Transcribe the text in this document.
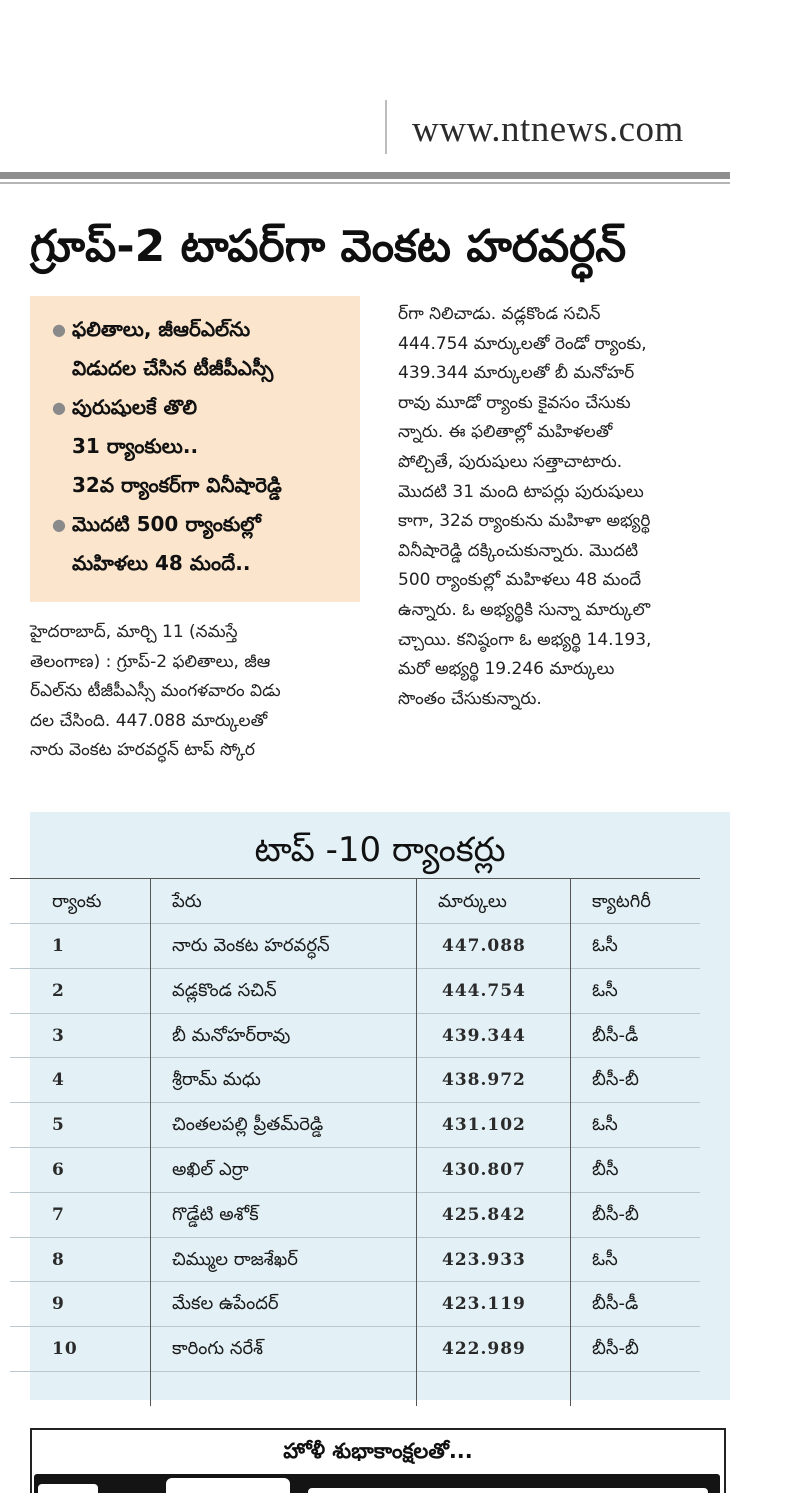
www.ntnews.com
గ్రూప్‌-2 టాపర్‌గా వెంకట హరవర్ధన్‌
● ఫలితాలు, జీఆర్‌ఎల్‌ను
విడుదల చేసిన టీజీపీఎస్సీ
● పురుషులకే తొలి
31 ర్యాంకులు..
32వ ర్యాంకర్‌గా వినీషారెడ్డి
● మొదటి 500 ర్యాంకుల్లో
మహిళలు 48 మందే..

హైదరాబాద్‌, మార్చి 11 (నమస్తే
తెలంగాణ) : గ్రూప్‌-2 ఫలితాలు, జీఆ
ర్‌ఎల్‌ను టీజీపీఎస్సీ మంగళవారం విడు
దల చేసింది. 447.088 మార్కులతో
నారు వెంకట హరవర్ధన్‌ టాప్‌ స్కోర

ర్‌గా నిలిచాడు. వడ్లకొండ సచిన్‌
444.754 మార్కులతో రెండో ర్యాంకు,
439.344 మార్కులతో బీ మనోహర్‌
రావు మూడో ర్యాంకు కైవసం చేసుకు
న్నారు. ఈ ఫలితాల్లో మహిళలతో
పోల్చితే, పురుషులు సత్తాచాటారు.
మొదటి 31 మంది టాపర్లు పురుషులు
కాగా, 32వ ర్యాంకును మహిళా అభ్యర్థి
వినీషారెడ్డి దక్కించుకున్నారు. మొదటి
500 ర్యాంకుల్లో మహిళలు 48 మందే
ఉన్నారు. ఓ అభ్యర్థికి సున్నా మార్కులొ
చ్చాయి. కనిష్ఠంగా ఓ అభ్యర్థి 14.193,
మరో అభ్యర్థి 19.246 మార్కులు
సొంతం చేసుకున్నారు.

టాప్‌ -10 ర్యాంకర్లు
ర్యాంకు	పేరు	మార్కులు	క్యాటగిరీ
1	నారు వెంకట హరవర్ధన్‌	447.088	ఓసీ
2	వడ్లకొండ సచిన్‌	444.754	ఓసీ
3	బీ మనోహర్‌రావు	439.344	బీసీ-డీ
4	శ్రీరామ్‌ మధు	438.972	బీసీ-బీ
5	చింతలపల్లి ప్రీతమ్‌రెడ్డి	431.102	ఓసీ
6	అఖిల్‌ ఎర్రా	430.807	బీసీ
7	గొడ్డేటి అశోక్‌	425.842	బీసీ-బీ
8	చిమ్ముల రాజశేఖర్‌	423.933	ఓసీ
9	మేకల ఉపేందర్‌	423.119	బీసీ-డీ
10	కారింగు నరేశ్‌	422.989	బీసీ-బీ
హోళీ శుభాకాంక్షలతో...
